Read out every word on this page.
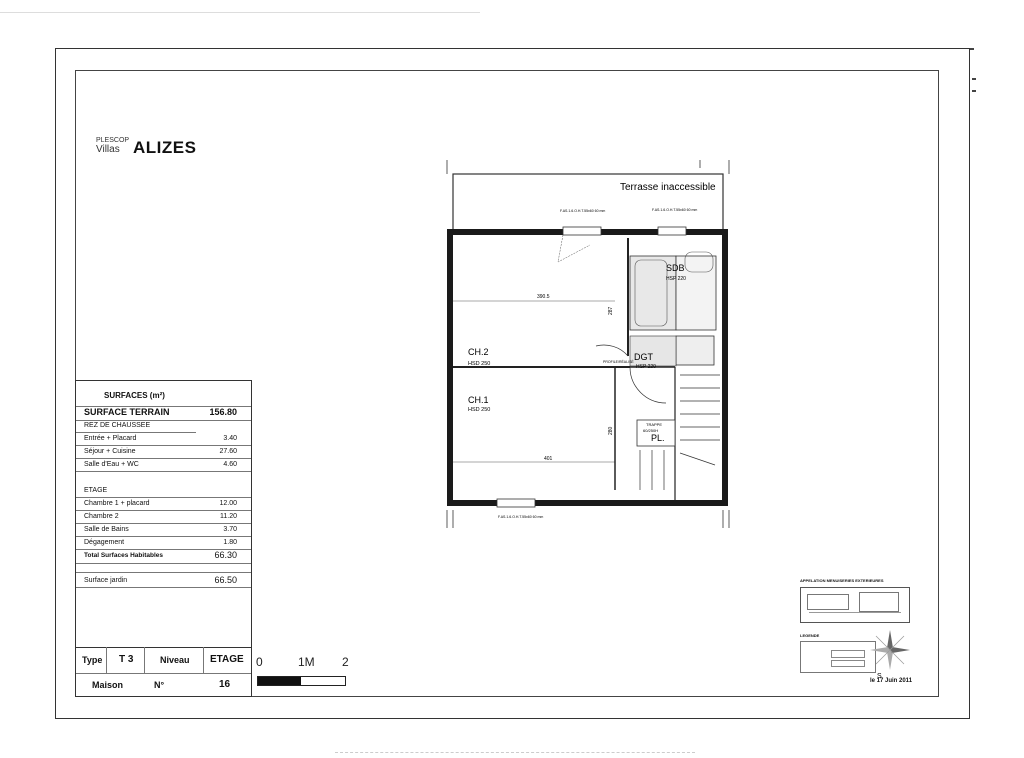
PLESCOP
Villas ALIZES
Terrasse inaccessible
F.AS.1.6.O.H.T.55x60 60 mm	F.AS.1.6.O.H.T.55x60 60 mm
390.5
401
287
280
CH.2
HSD 250
CH.1
HSD 250
SDB
HSP 220
DGT
HSP 220
PROFILE/RÉALISÉ
TRAPPE
60/250H
PL.
F.AS.1.6.O.H.T.55x60 60 mm
SURFACES (m²)
SURFACE TERRAIN	156.80
REZ DE CHAUSSEE
Entrée + Placard	3.40
Séjour + Cuisine	27.60
Salle d'Eau + WC	4.60
ETAGE
Chambre 1 + placard	12.00
Chambre 2	11.20
Salle de Bains	3.70
Dégagement	1.80
Total Surfaces Habitables	66.30
Surface jardin	66.50
Type T 3	Niveau ETAGE
Maison	N°	16
0	1M 2
APPELATION MENUISERIES EXTERIEURES
LEGENDE
S
le 17 Juin 2011
